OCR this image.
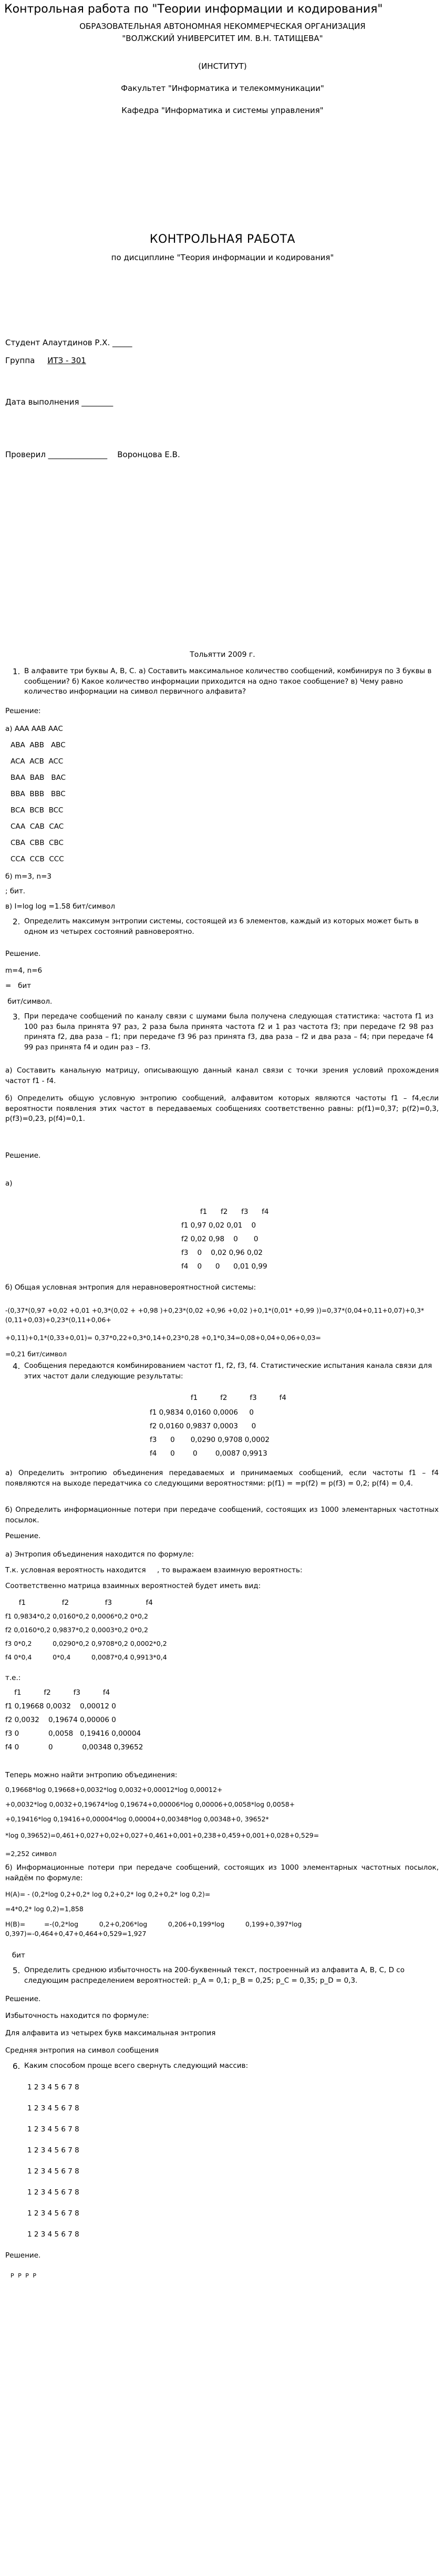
Контрольная работа по "Теории информации и кодирования"
ОБРАЗОВАТЕЛЬНАЯ АВТОНОМНАЯ НЕКОММЕРЧЕСКАЯ ОРГАНИЗАЦИЯ
"ВОЛЖСКИЙ УНИВЕРСИТЕТ ИМ. В.Н. ТАТИЩЕВА"
(ИНСТИТУТ)
Факультет "Информатика и телекоммуникации"
Кафедра "Информатика и системы управления"
КОНТРОЛЬНАЯ РАБОТА
по дисциплине "Теория информации и кодирования"
Студент Алаутдинов Р.Х. _____
Группа ИТЗ - 301
Дата выполнения ________
Проверил _______________ Воронцова Е.В.
Тольятти 2009 г.
1. В алфавите три буквы А, В, С. а) Составить максимальное количество сообщений, комбинируя по 3 буквы в сообщении? б) Какое количество информации приходится на одно такое сообщение? в) Чему равно количество информации на символ первичного алфавита?
Решение:
а) ААА ААВ ААС
ABA  ABB   ABC
ACA  ACB  ACC
BAA  BAB   BAC
BBA  BBB   BBC
BCA  BCB  BCC
CAA  CAB  CAC
CBA  CBB  CBC
CCA  CCB  CCC
б) m=3, n=3
; бит.
в) I=log log =1.58 бит/символ
2. Определить максимум энтропии системы, состоящей из 6 элементов, каждый из которых может быть в одном из четырех состояний равновероятно.
Решение.
m=4, n=6
=   бит
бит/символ.
3. При передаче сообщений по каналу связи с шумами была получена следующая статистика: частота f1 из 100 раз была принята 97 раз, 2 раза была принята частота f2 и 1 раз частота f3; при передаче f2 98 раз принята f2, два раза – f1; при передаче f3 96 раз принята f3, два раза – f2 и два раза – f4; при передаче f4 99 раз принята f4 и один раз – f3.
а) Составить канальную матрицу, описывающую данный канал связи с точки зрения условий прохождения частот f1 - f4.
б) Определить общую условную энтропию сообщений, алфавитом которых являются частоты f1 – f4,если вероятности появления этих частот в передаваемых сообщениях соответственно равны: p(f1)=0,37; p(f2)=0,3, p(f3)=0,23, p(f4)=0,1.
Решение.
а)
f1      f2      f3      f4
f1 0,97 0,02 0,01    0
f2 0,02 0,98    0       0
f3    0    0,02 0,96 0,02
f4    0      0      0,01 0,99
б) Общая условная энтропия для неравновероятностной системы:
-(0,37*(0,97 +0,02 +0,01 +0,3*(0,02 + +0,98 )+0,23*(0,02 +0,96 +0,02 )+0,1*(0,01* +0,99 ))=0,37*(0,04+0,11+0,07)+0,3*(0,11+0,03)+0,23*(0,11+0,06+
+0,11)+0,1*(0,33+0,01)= 0,37*0,22+0,3*0,14+0,23*0,28 +0,1*0,34=0,08+0,04+0,06+0,03=
=0,21 бит/символ
4. Сообщения передаются комбинированием частот f1, f2, f3, f4. Статистические испытания канала связи для этих частот дали следующие результаты:
f1          f2          f3          f4
f1 0,9834 0,0160 0,0006     0
f2 0,0160 0,9837 0,0003      0
f3      0       0,0290 0,9708 0,0002
f4      0        0        0,0087 0,9913
а) Определить энтропию объединения передаваемых и принимаемых сообщений, если частоты f1 – f4 появляются на выходе передатчика со следующими вероятностями: p(f1) = =p(f2) = p(f3) = 0,2; p(f4) = 0,4.
б) Определить информационные потери при передаче сообщений, состоящих из 1000 элементарных частотных посылок.
Решение.
а) Энтропия объединения находится по формуле:
Т.к. условная вероятность находится     , то выражаем взаимную вероятность:
Соответственно матрица взаимных вероятностей будет иметь вид:
f1                f2                f3               f4
f1 0,9834*0,2 0,0160*0,2 0,0006*0,2 0*0,2
f2 0,0160*0,2 0,9837*0,2 0,0003*0,2 0*0,2
f3 0*0,2          0,0290*0,2 0,9708*0,2 0,0002*0,2
f4 0*0,4          0*0,4          0,0087*0,4 0,9913*0,4
т.е.:
f1          f2          f3          f4
f1 0,19668 0,0032    0,00012 0
f2 0,0032    0,19674 0,00006 0
f3 0             0,0058   0,19416 0,00004
f4 0             0             0,00348 0,39652
Теперь можно найти энтропию объединения:
0,19668*log 0,19668+0,0032*log 0,0032+0,00012*log 0,00012+
+0,0032*log 0,0032+0,19674*log 0,19674+0,00006*log 0,00006+0,0058*log 0,0058+
+0,19416*log 0,19416+0,00004*log 0,00004+0,00348*log 0,00348+0, 39652*
*log 0,39652)=0,461+0,027+0,02+0,027+0,461+0,001+0,238+0,459+0,001+0,028+0,529=
=2,252 символ
б) Информационные потери при передаче сообщений, состоящих из 1000 элементарных частотных посылок, найдём по формуле:
H(A)= - (0,2*log 0,2+0,2* log 0,2+0,2* log 0,2+0,2* log 0,2)=
=4*0,2* log 0,2)=1,858
H(B)=         =-(0,2*log          0,2+0,206*log          0,206+0,199*log          0,199+0,397*log 0,397)=-0,464+0,47+0,464+0,529=1,927
бит
5. Определить среднюю избыточность на 200-буквенный текст, построенный из алфавита А, В, С, D со следующим распределением вероятностей: p_A = 0,1; p_B = 0,25; p_C = 0,35; p_D = 0,3.
Решение.
Избыточность находится по формуле:
Для алфавита из четырех букв максимальная энтропия
Средняя энтропия на символ сообщения
6. Каким способом проще всего свернуть следующий массив:
1 2 3 4 5 6 7 8
1 2 3 4 5 6 7 8
1 2 3 4 5 6 7 8
1 2 3 4 5 6 7 8
1 2 3 4 5 6 7 8
1 2 3 4 5 6 7 8
1 2 3 4 5 6 7 8
1 2 3 4 5 6 7 8
Решение.
Р Р Р Р
